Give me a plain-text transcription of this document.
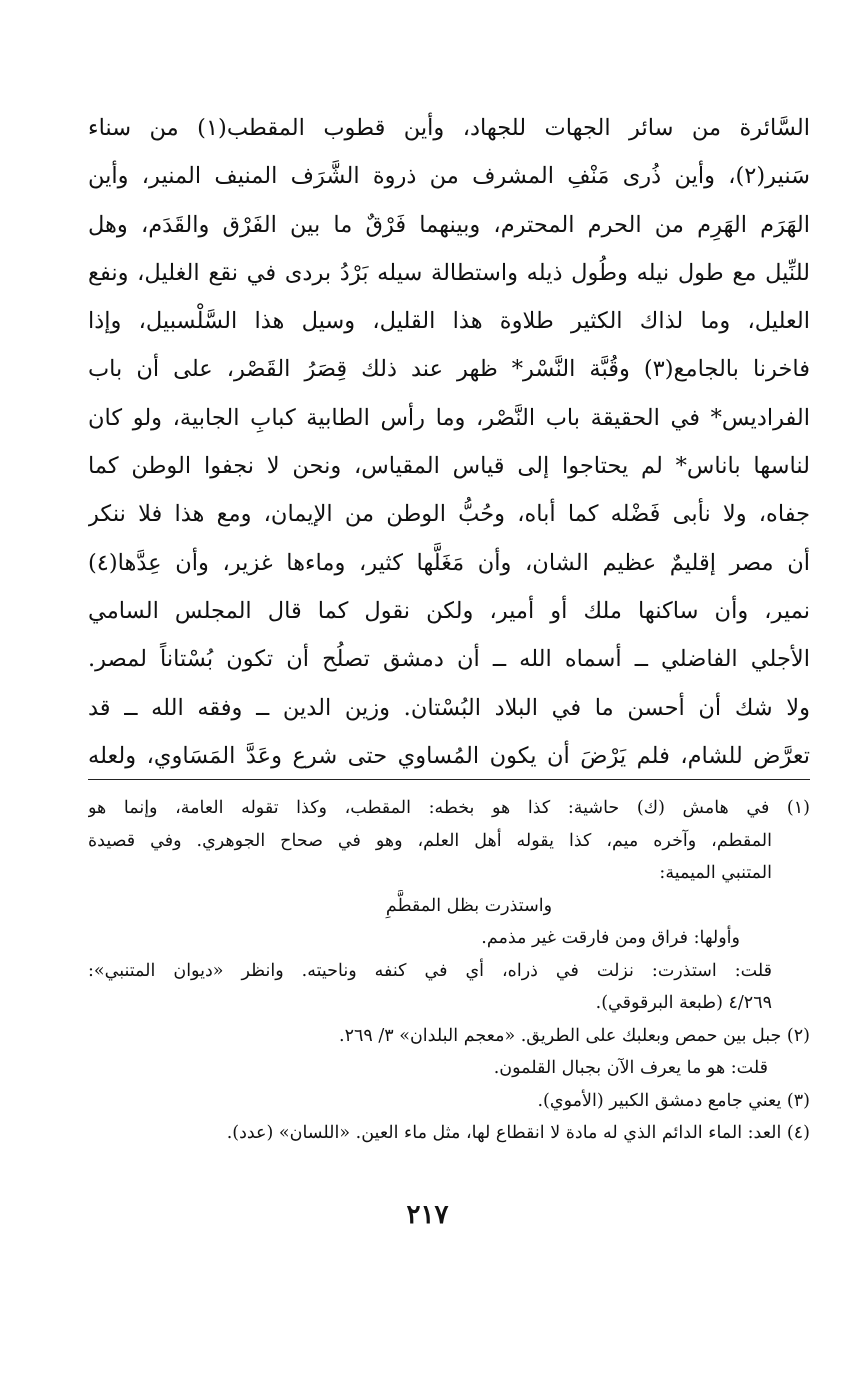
السَّائرة من سائر الجهات للجهاد، وأين قطوب المقطب(١) من سناء
سَنير(٢)، وأين ذُرى مَنْفِ المشرف من ذروة الشَّرَف المنيف المنير، وأين
الهَرَم الهَرِم من الحرم المحترم، وبينهما فَرْقٌ ما بين الفَرْق والقَدَم، وهل
للنِّيل مع طول نيله وطُول ذيله واستطالة سيله بَرْدُ بردى في نقع الغليل، ونفع
العليل، وما لذاك الكثير طلاوة هذا القليل، وسيل هذا السَّلْسبيل، وإذا
فاخرنا بالجامع(٣) وقُبَّة النَّسْر* ظهر عند ذلك قِصَرُ القَصْر، على أن باب
الفراديس* في الحقيقة باب النَّصْر، وما رأس الطابية كبابِ الجابية، ولو كان
لناسها باناس* لم يحتاجوا إلى قياس المقياس، ونحن لا نجفوا الوطن كما
جفاه، ولا نأبى فَضْله كما أباه، وحُبُّ الوطن من الإيمان، ومع هذا فلا ننكر
أن مصر إقليمٌ عظيم الشان، وأن مَغَلَّها كثير، وماءها غزير، وأن عِدَّها(٤)
نمير، وأن ساكنها ملك أو أمير، ولكن نقول كما قال المجلس السامي
الأجلي الفاضلي ــ أسماه الله ــ أن دمشق تصلُح أن تكون بُسْتاناً لمصر.
ولا شك أن أحسن ما في البلاد البُسْتان. وزين الدين ــ وفقه الله ــ قد
تعرَّض للشام، فلم يَرْضَ أن يكون المُساوي حتى شرع وعَدَّ المَسَاوي، ولعله
(١) في هامش (ك) حاشية: كذا هو بخطه: المقطب، وكذا تقوله العامة، وإنما هو
المقطم، وآخره ميم، كذا يقوله أهل العلم، وهو في صحاح الجوهري. وفي قصيدة
المتنبي الميمية:
واستذرت بظل المقطَّمِ
وأولها: فراق ومن فارقت غير مذمم.
قلت: استذرت: نزلت في ذراه، أي في كنفه وناحيته. وانظر «ديوان المتنبي»:
٤/٢٦٩ (طبعة البرقوقي).
(٢) جبل بين حمص وبعلبك على الطريق. «معجم البلدان» ٣/ ٢٦٩.
قلت: هو ما يعرف الآن بجبال القلمون.
(٣) يعني جامع دمشق الكبير (الأموي).
(٤) العد: الماء الدائم الذي له مادة لا انقطاع لها، مثل ماء العين. «اللسان» (عدد).
٢١٧
